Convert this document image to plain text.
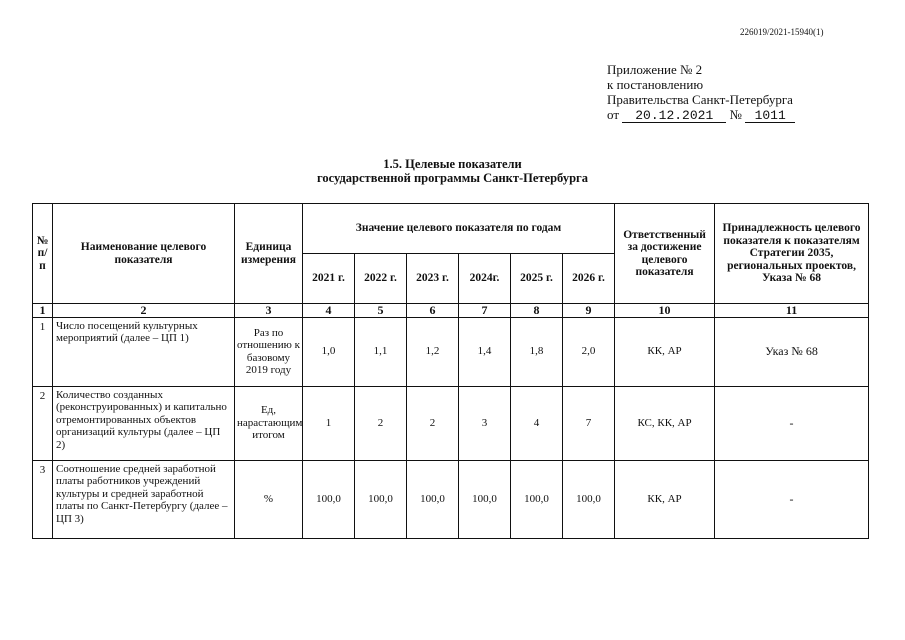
226019/2021-15940(1)
Приложение № 2
к постановлению
Правительства Санкт-Петербурга
от 20.12.2021 № 1011
1.5. Целевые показатели
государственной программы Санкт-Петербурга
№ п/п	Наименование целевого показателя	Единица измерения	Значение целевого показателя по годам						Ответственный за достижение целевого показателя	Принадлежность целевого показателя к показателям Стратегии 2035, региональных проектов, Указа № 68
			2021 г.	2022 г.	2023 г.	2024г.	2025 г.	2026 г.		
1	2	3	4	5	6	7	8	9	10	11
1	Число посещений культурных мероприятий (далее – ЦП 1)	Раз по отношению к базовому 2019 году	1,0	1,1	1,2	1,4	1,8	2,0	КК, АР	Указ № 68
2	Количество созданных (реконструированных) и капитально отремонтированных объектов организаций культуры (далее – ЦП 2)	Ед, нарастающим итогом	1	2	2	3	4	7	КС, КК, АР	-
3	Соотношение средней заработной платы работников учреждений культуры и средней заработной платы по Санкт-Петербургу (далее – ЦП 3)	%	100,0	100,0	100,0	100,0	100,0	100,0	КК, АР	-
